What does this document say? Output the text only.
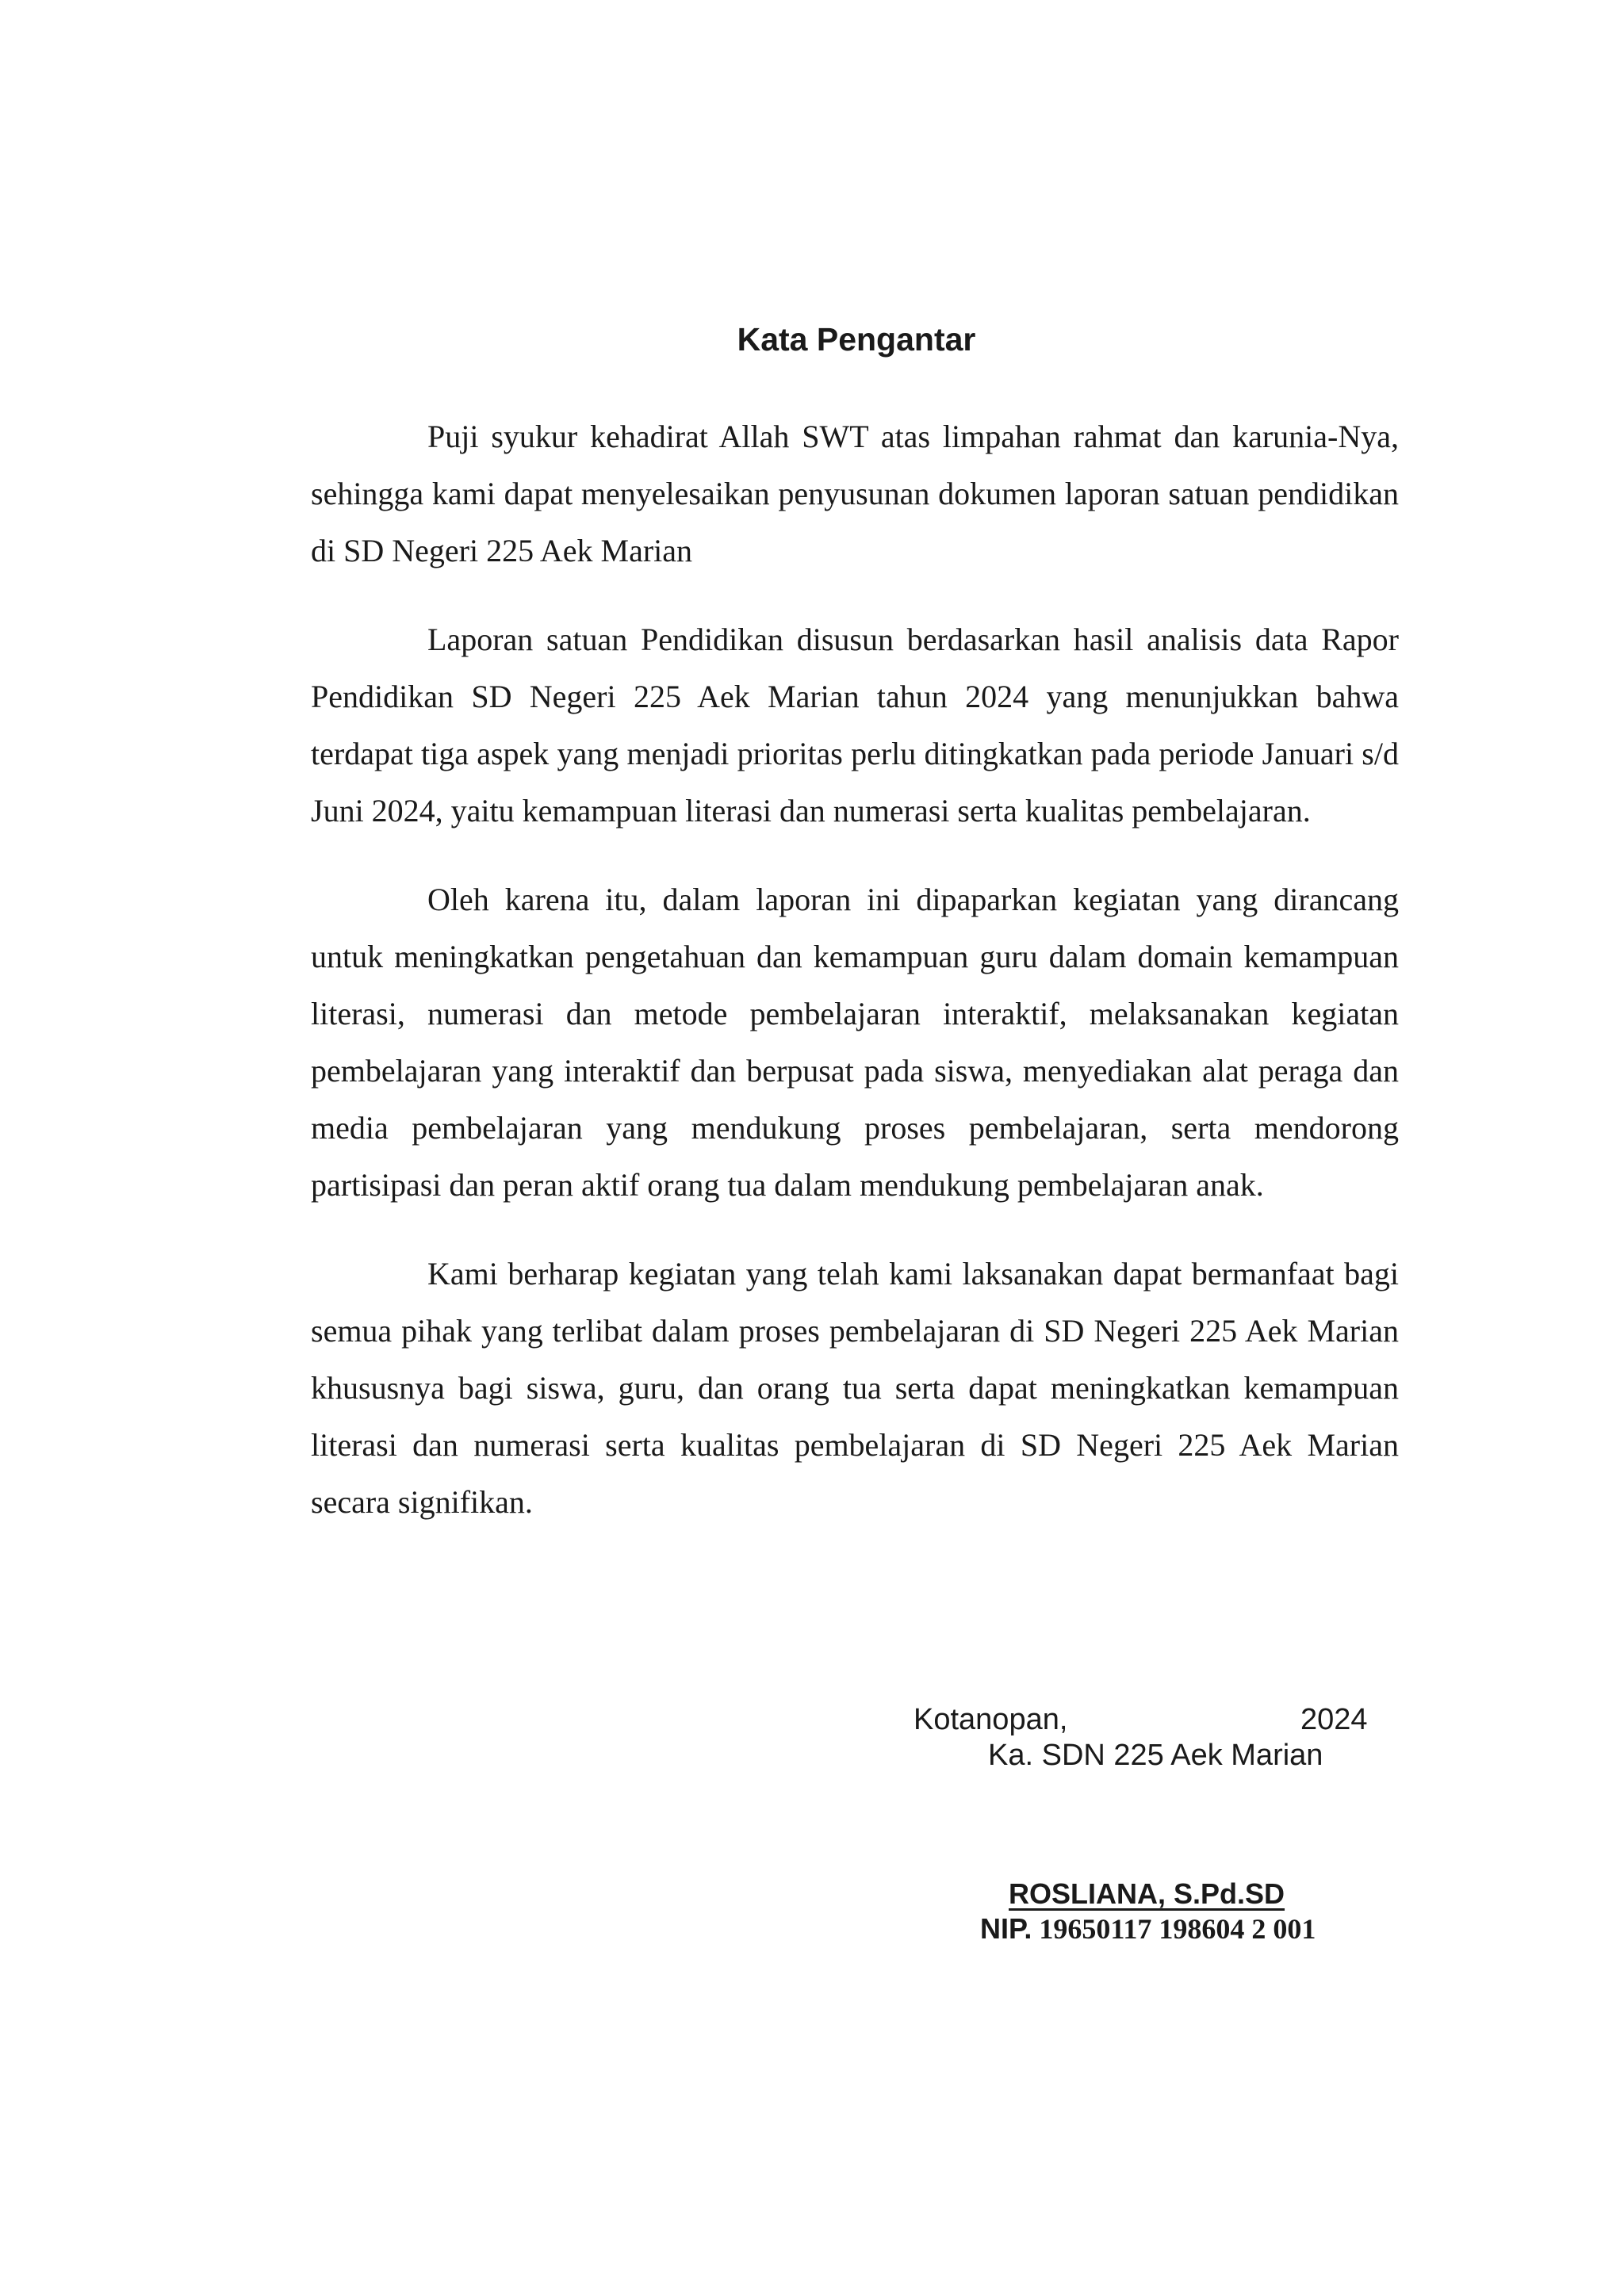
Kata Pengantar

Puji syukur kehadirat Allah SWT atas limpahan rahmat dan karunia-Nya, sehingga kami dapat menyelesaikan penyusunan dokumen laporan satuan pendidikan di SD Negeri 225 Aek Marian

Laporan satuan Pendidikan disusun berdasarkan hasil analisis data Rapor Pendidikan SD Negeri 225 Aek Marian tahun 2024 yang menunjukkan bahwa terdapat tiga aspek yang menjadi prioritas perlu ditingkatkan pada periode Januari s/d Juni 2024, yaitu kemampuan literasi dan numerasi serta kualitas pembelajaran.

Oleh karena itu, dalam laporan ini dipaparkan kegiatan yang dirancang untuk meningkatkan pengetahuan dan kemampuan guru dalam domain kemampuan literasi, numerasi dan metode pembelajaran interaktif, melaksanakan kegiatan pembelajaran yang interaktif dan berpusat pada siswa, menyediakan alat peraga dan media pembelajaran yang mendukung proses pembelajaran, serta mendorong partisipasi dan peran aktif orang tua dalam mendukung pembelajaran anak.

Kami berharap kegiatan yang telah kami laksanakan dapat bermanfaat bagi semua pihak yang terlibat dalam proses pembelajaran di SD Negeri 225 Aek Marian khususnya bagi siswa, guru, dan orang tua serta dapat meningkatkan kemampuan literasi dan numerasi serta kualitas pembelajaran di SD Negeri 225 Aek Marian secara signifikan.

Kotanopan,	2024
Ka. SDN 225 Aek Marian
ROSLIANA, S.Pd.SD
NIP. 19650117 198604 2 001
